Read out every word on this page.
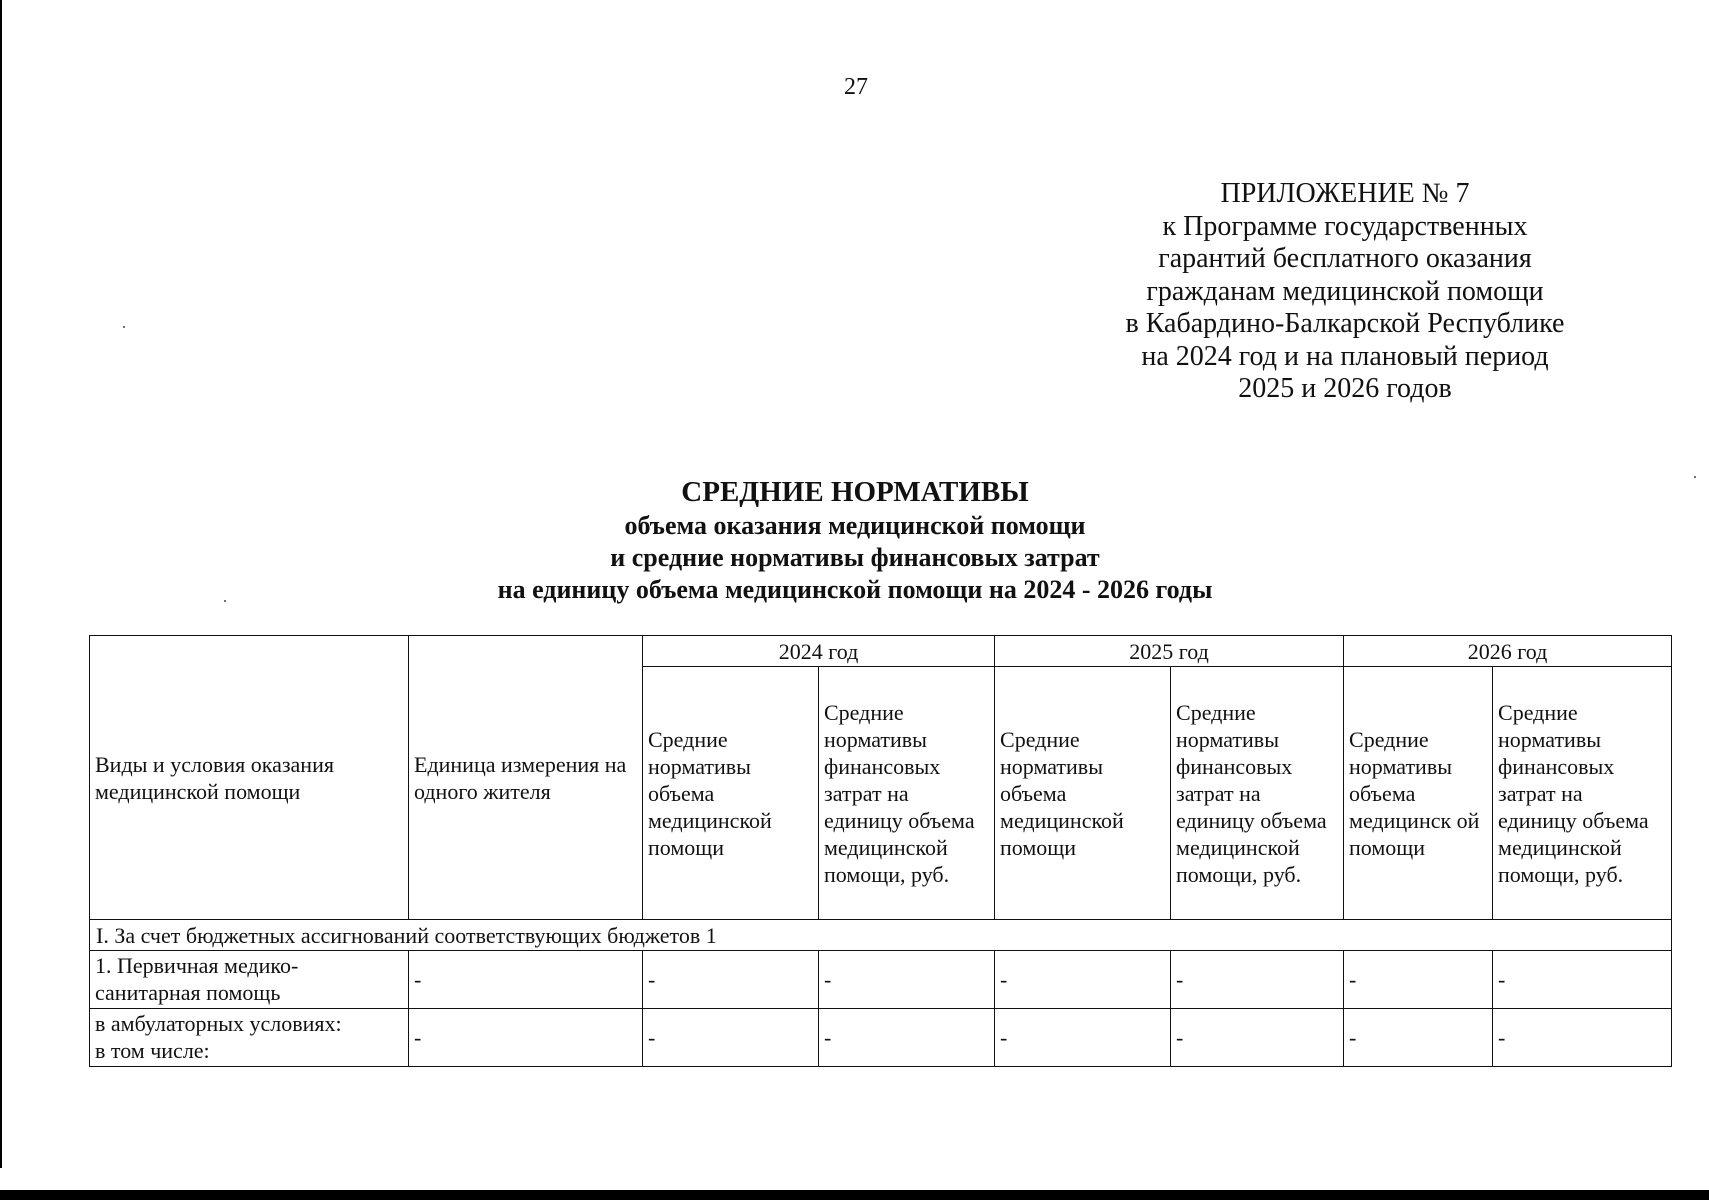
27
ПРИЛОЖЕНИЕ № 7
к Программе государственных
гарантий бесплатного оказания
гражданам медицинской помощи
в Кабардино-Балкарской Республике
на 2024 год и на плановый период
2025 и 2026 годов
СРЕДНИЕ НОРМАТИВЫ
объема оказания медицинской помощи
и средние нормативы финансовых затрат
на единицу объема медицинской помощи на 2024 - 2026 годы
Виды и условия оказания медицинской помощи	Единица измерения на одного жителя	2024 год		2025 год		2026 год	
		Средние нормативы объема медицинской помощи	Средние нормативы финансовых затрат на единицу объема медицинской помощи, руб.	Средние нормативы объема медицинской помощи	Средние нормативы финансовых затрат на единицу объема медицинской помощи, руб.	Средние нормативы объема медицинск ой помощи	Средние нормативы финансовых затрат на единицу объема медицинской помощи, руб.
I. За счет бюджетных ассигнований соответствующих бюджетов 1							
1. Первичная медико-санитарная помощь	-	-	-	-	-	-	-

в амбулаторных условиях:
в том числе:	-	-	-	-	-	-	-
